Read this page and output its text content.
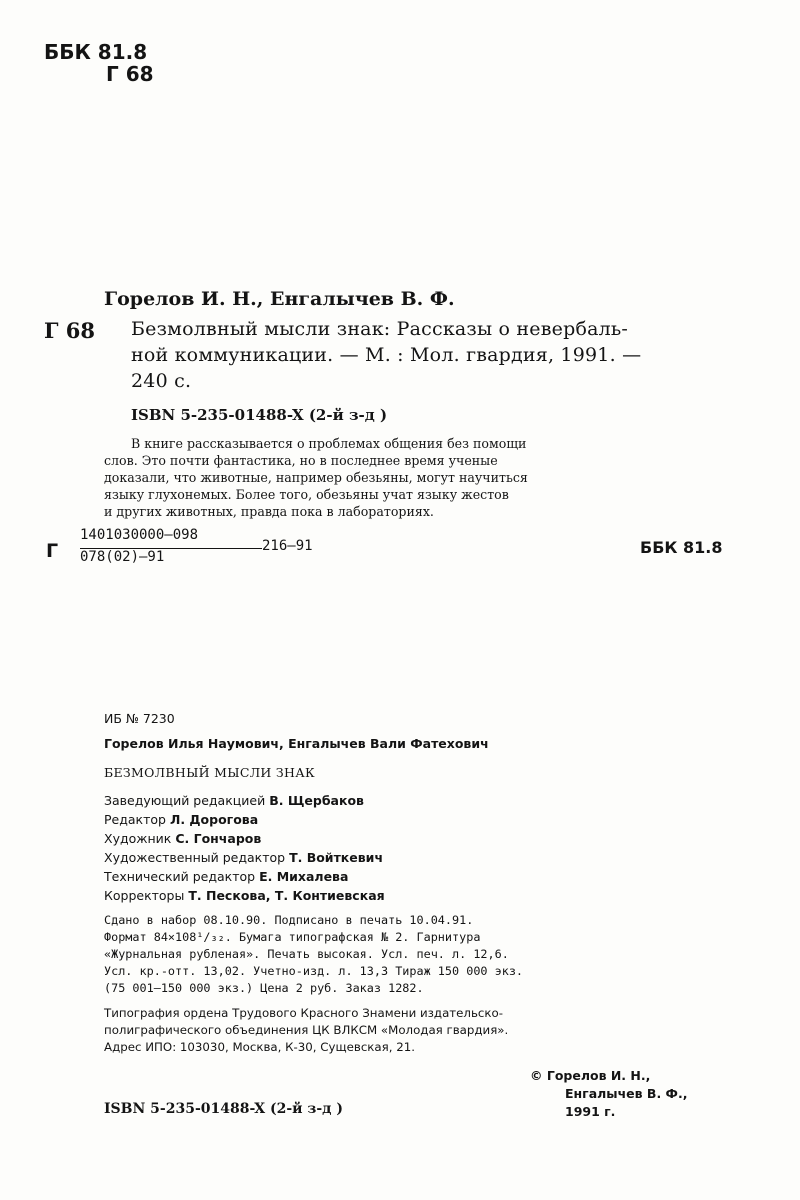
ББК 81.8
Г 68
Горелов И. Н., Енгалычев В. Ф.
Г 68 Безмолвный мысли знак: Рассказы о невербаль-
ной коммуникации. — М. : Мол. гвардия, 1991. —
240 с.
ISBN 5-235-01488-X (2-й з-д )
В книге рассказывается о проблемах общения без помощи
слов. Это почти фантастика, но в последнее время ученые
доказали, что животные, например обезьяны, могут научиться
языку глухонемых. Более того, обезьяны учат языку жестов
и других животных, правда пока в лабораториях.
Г
1401030000—098
078(02)—91
216—91	ББК 81.8
ИБ № 7230
Горелов Илья Наумович, Енгалычев Вали Фатехович
БЕЗМОЛВНЫЙ МЫСЛИ ЗНАК
Заведующий редакцией В. Щербаков
Редактор Л. Дорогова
Художник С. Гончаров
Художественный редактор Т. Войткевич
Технический редактор Е. Михалева
Корректоры Т. Пескова, Т. Контиевская
Сдано в набор 08.10.90. Подписано в печать 10.04.91.
Формат 84×108¹/₃₂. Бумага типографская № 2. Гарнитура
«Журнальная рубленая». Печать высокая. Усл. печ. л. 12,6.
Усл. кр.-отт. 13,02. Учетно-изд. л. 13,3 Тираж 150 000 экз.
(75 001—150 000 экз.) Цена 2 руб. Заказ 1282.
Типография ордена Трудового Красного Знамени издательско-
полиграфического объединения ЦК ВЛКСМ «Молодая гвардия».
Адрес ИПО: 103030, Москва, К-30, Сущевская, 21.
© Горелов И. Н.,
Енгалычев В. Ф.,
1991 г.
ISBN 5-235-01488-X (2-й з-д )
